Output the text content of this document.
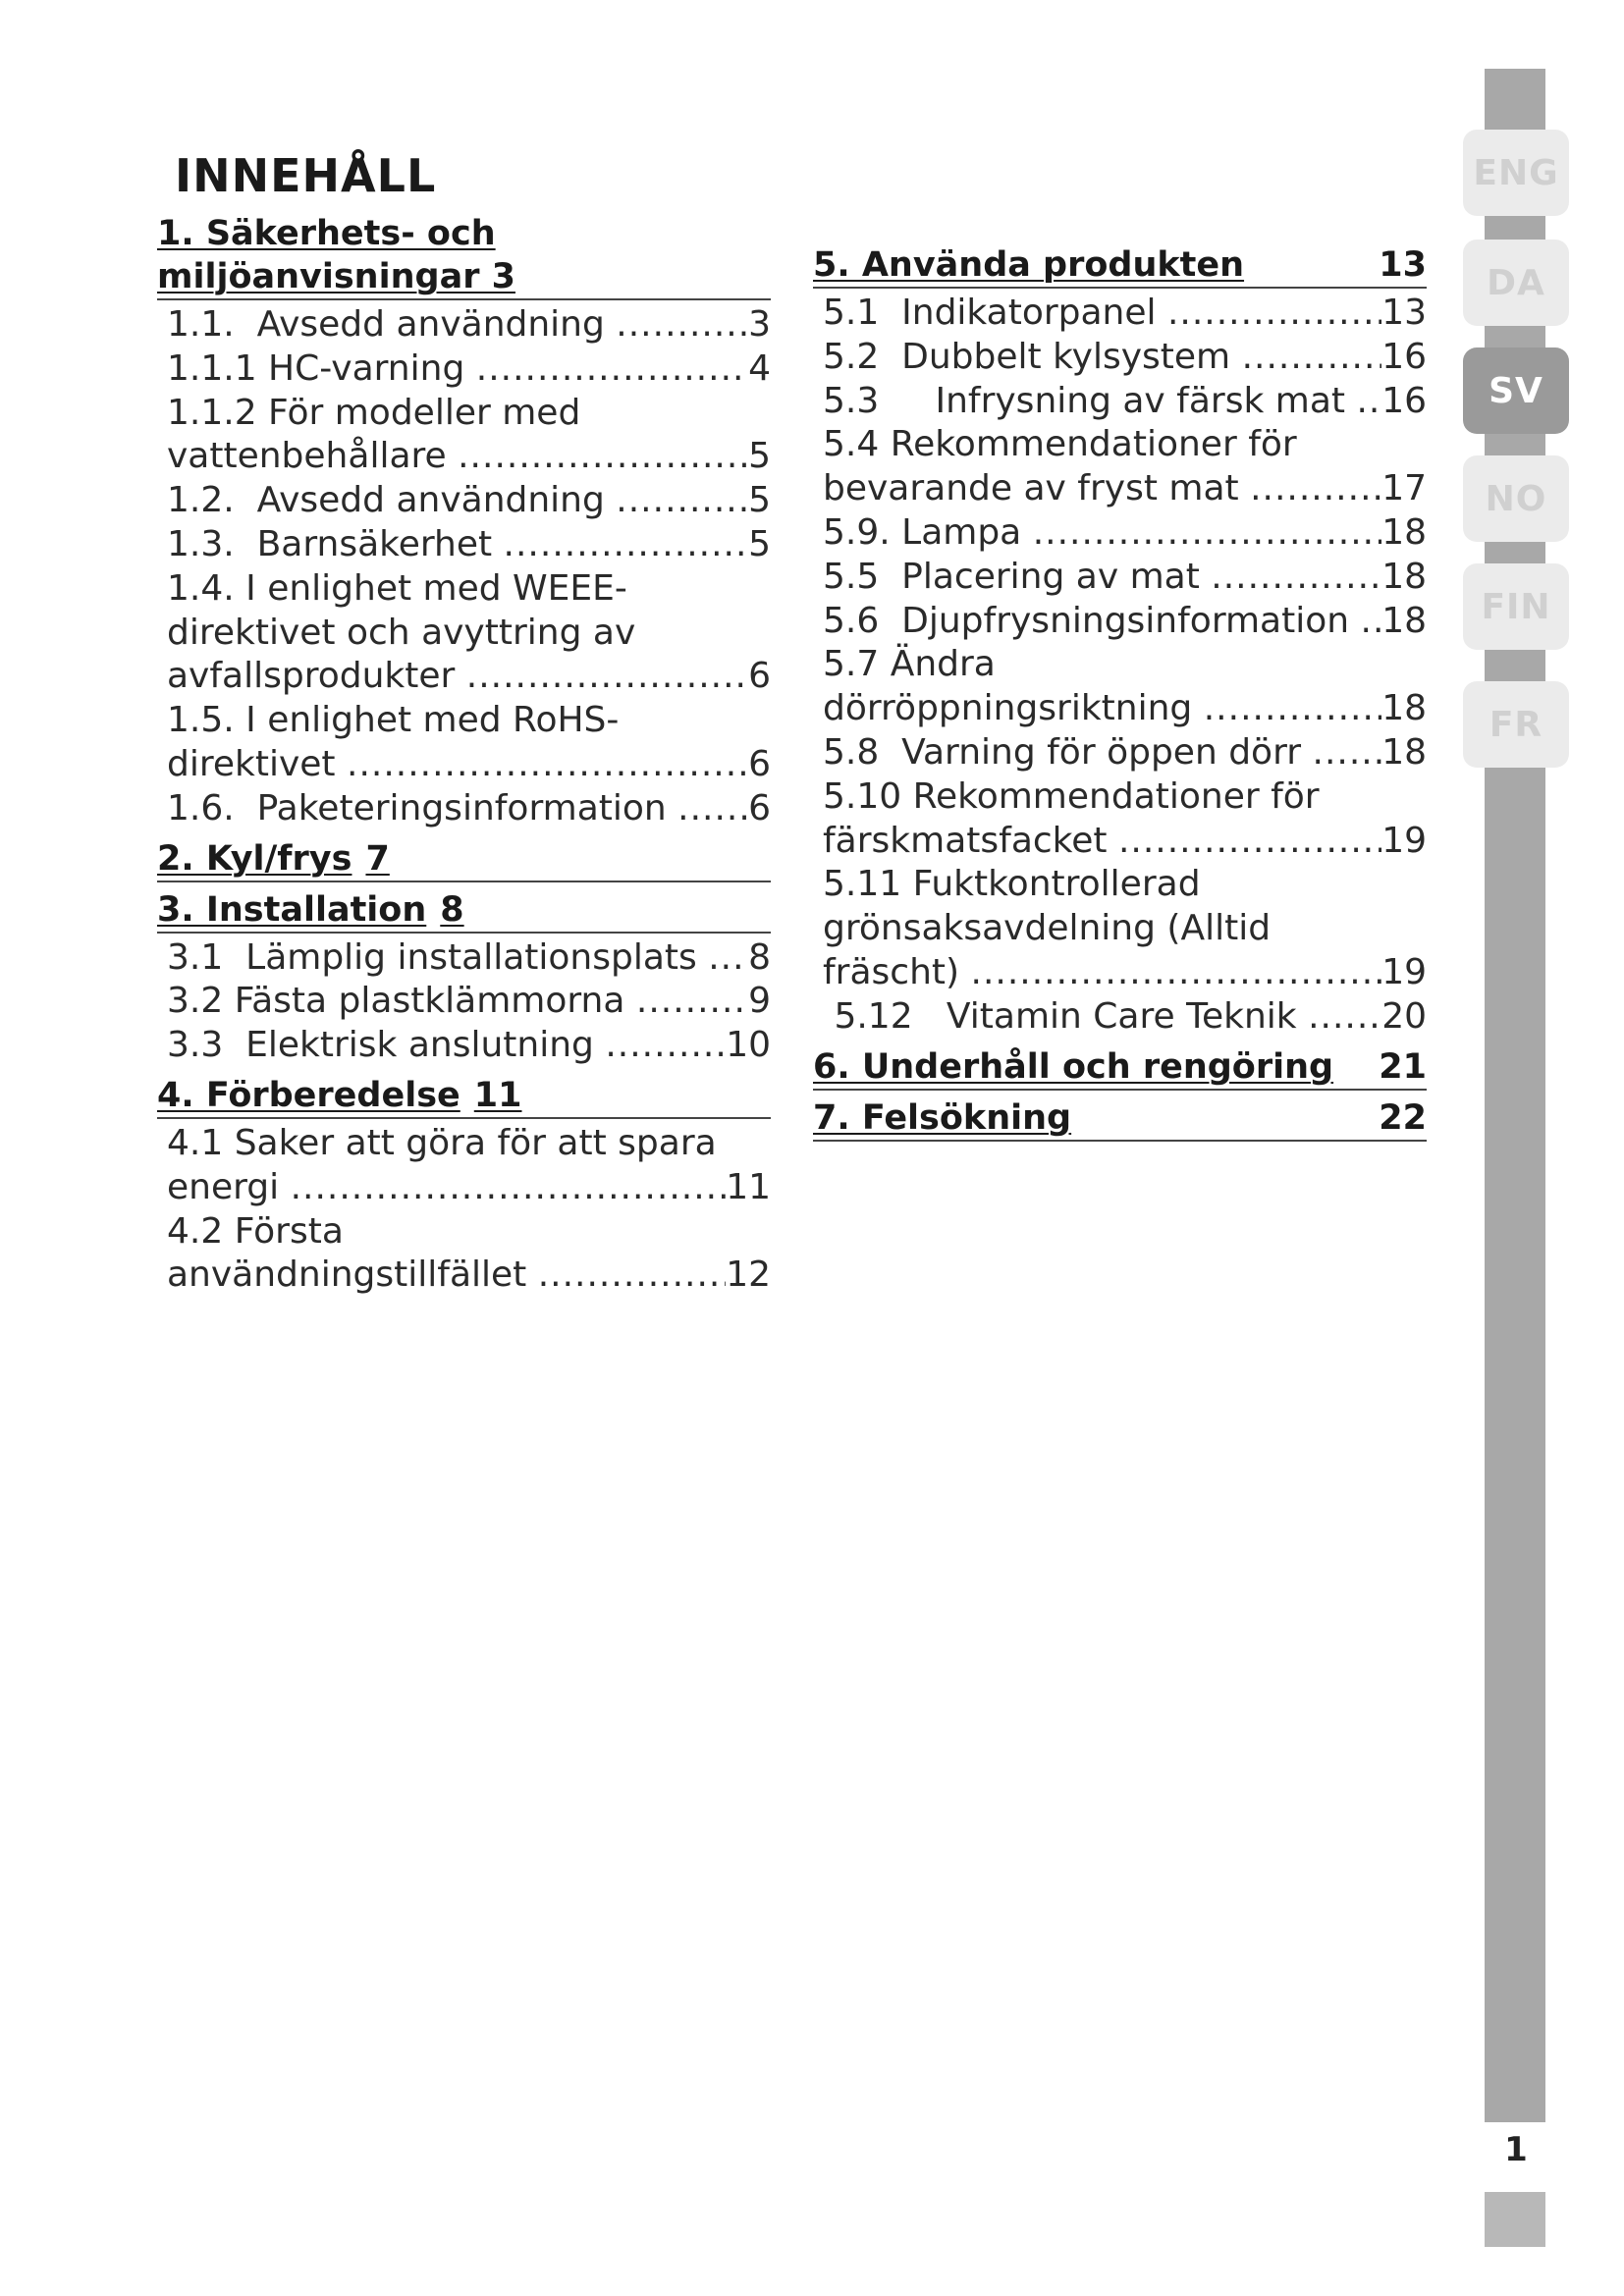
INNEHÅLL
1. Säkerhets- och
miljöanvisningar 3
1.1.  Avsedd användning .....	3
1.1.1 HC-varning .....	4
1.1.2 För modeller med
vattenbehållare .....	5
1.2.  Avsedd användning .....	5
1.3.  Barnsäkerhet .....	5
1.4. I enlighet med WEEE-
direktivet och avyttring av
avfallsprodukter .....	6
1.5. I enlighet med RoHS-
direktivet .....	6
1.6.  Paketeringsinformation ..... 6
2. Kyl/frys 7
3. Installation 8
3.1  Lämplig installationsplats ..... 8
3.2 Fästa plastklämmorna .....	9
3.3  Elektrisk anslutning .....	10
4. Förberedelse 11
4.1 Saker att göra för att spara
energi .....	11
4.2 Första
användningstillfället .....	12
5. Använda produkten	13
5.1  Indikatorpanel .....	13
5.2  Dubbelt kylsystem .....	16
5.3     Infrysning av färsk mat ..... 16
5.4 Rekommendationer för
bevarande av fryst mat .....	17
5.9. Lampa .....	18
5.5  Placering av mat .....	18
5.6  Djupfrysningsinformation ..... 18
5.7 Ändra
dörröppningsriktning .....	18
5.8  Varning för öppen dörr ..... 18
5.10 Rekommendationer för
färskmatsfacket .....	19
5.11 Fuktkontrollerad
grönsaksavdelning (Alltid
fräscht) .....	19
5.12   Vitamin Care Teknik ..... 20
6. Underhåll och rengöring 21
7. Felsökning	22
ENG
DA
SV
NO
FIN
FR
1
